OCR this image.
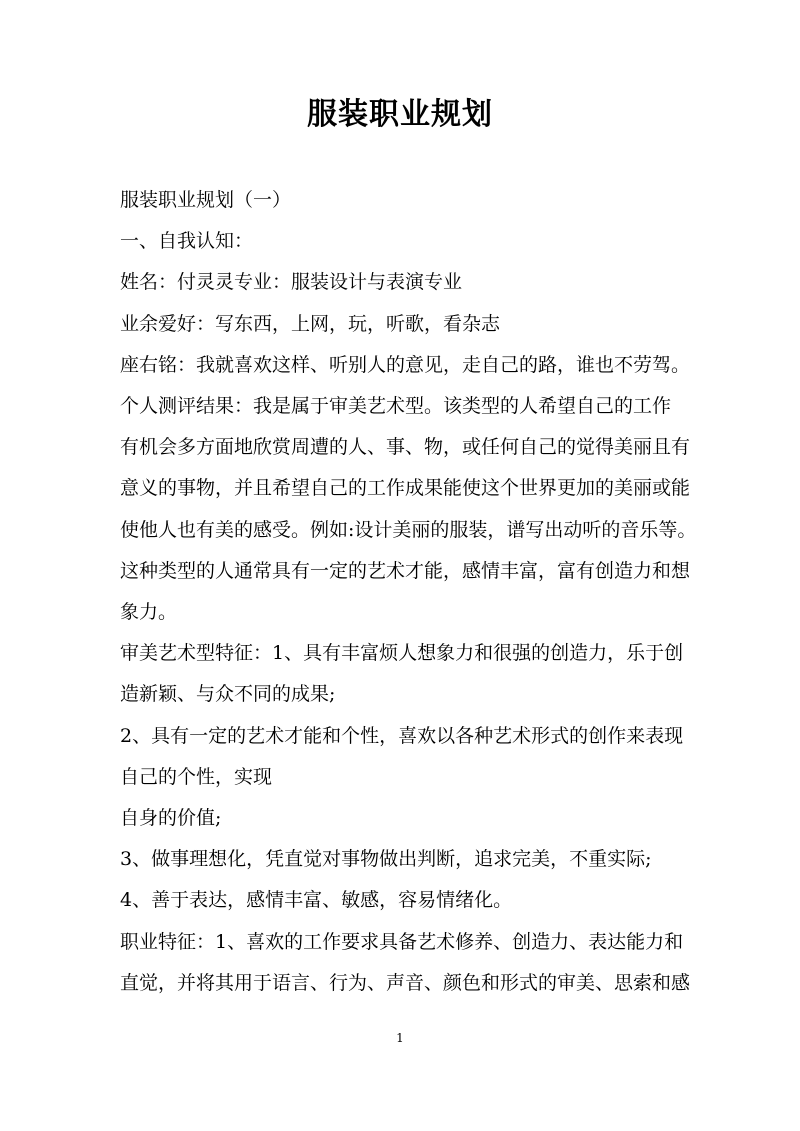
服装职业规划

服装职业规划（一）

一、自我认知：

姓名：付灵灵专业：服装设计与表演专业

业余爱好：写东西，上网，玩，听歌，看杂志

座右铭：我就喜欢这样、听别人的意见，走自己的路，谁也不劳驾。

个人测评结果：我是属于审美艺术型。该类型的人希望自己的工作

有机会多方面地欣赏周遭的人、事、物，或任何自己的觉得美丽且有

意义的事物，并且希望自己的工作成果能使这个世界更加的美丽或能

使他人也有美的感受。例如:设计美丽的服装，谱写出动听的音乐等。

这种类型的人通常具有一定的艺术才能，感情丰富，富有创造力和想

象力。

审美艺术型特征：1、具有丰富烦人想象力和很强的创造力，乐于创

造新颖、与众不同的成果;

2、具有一定的艺术才能和个性，喜欢以各种艺术形式的创作来表现

自己的个性，实现

自身的价值;

3、做事理想化，凭直觉对事物做出判断，追求完美，不重实际;

4、善于表达，感情丰富、敏感，容易情绪化。

职业特征：1、喜欢的工作要求具备艺术修养、创造力、表达能力和

直觉，并将其用于语言、行为、声音、颜色和形式的审美、思索和感

1
